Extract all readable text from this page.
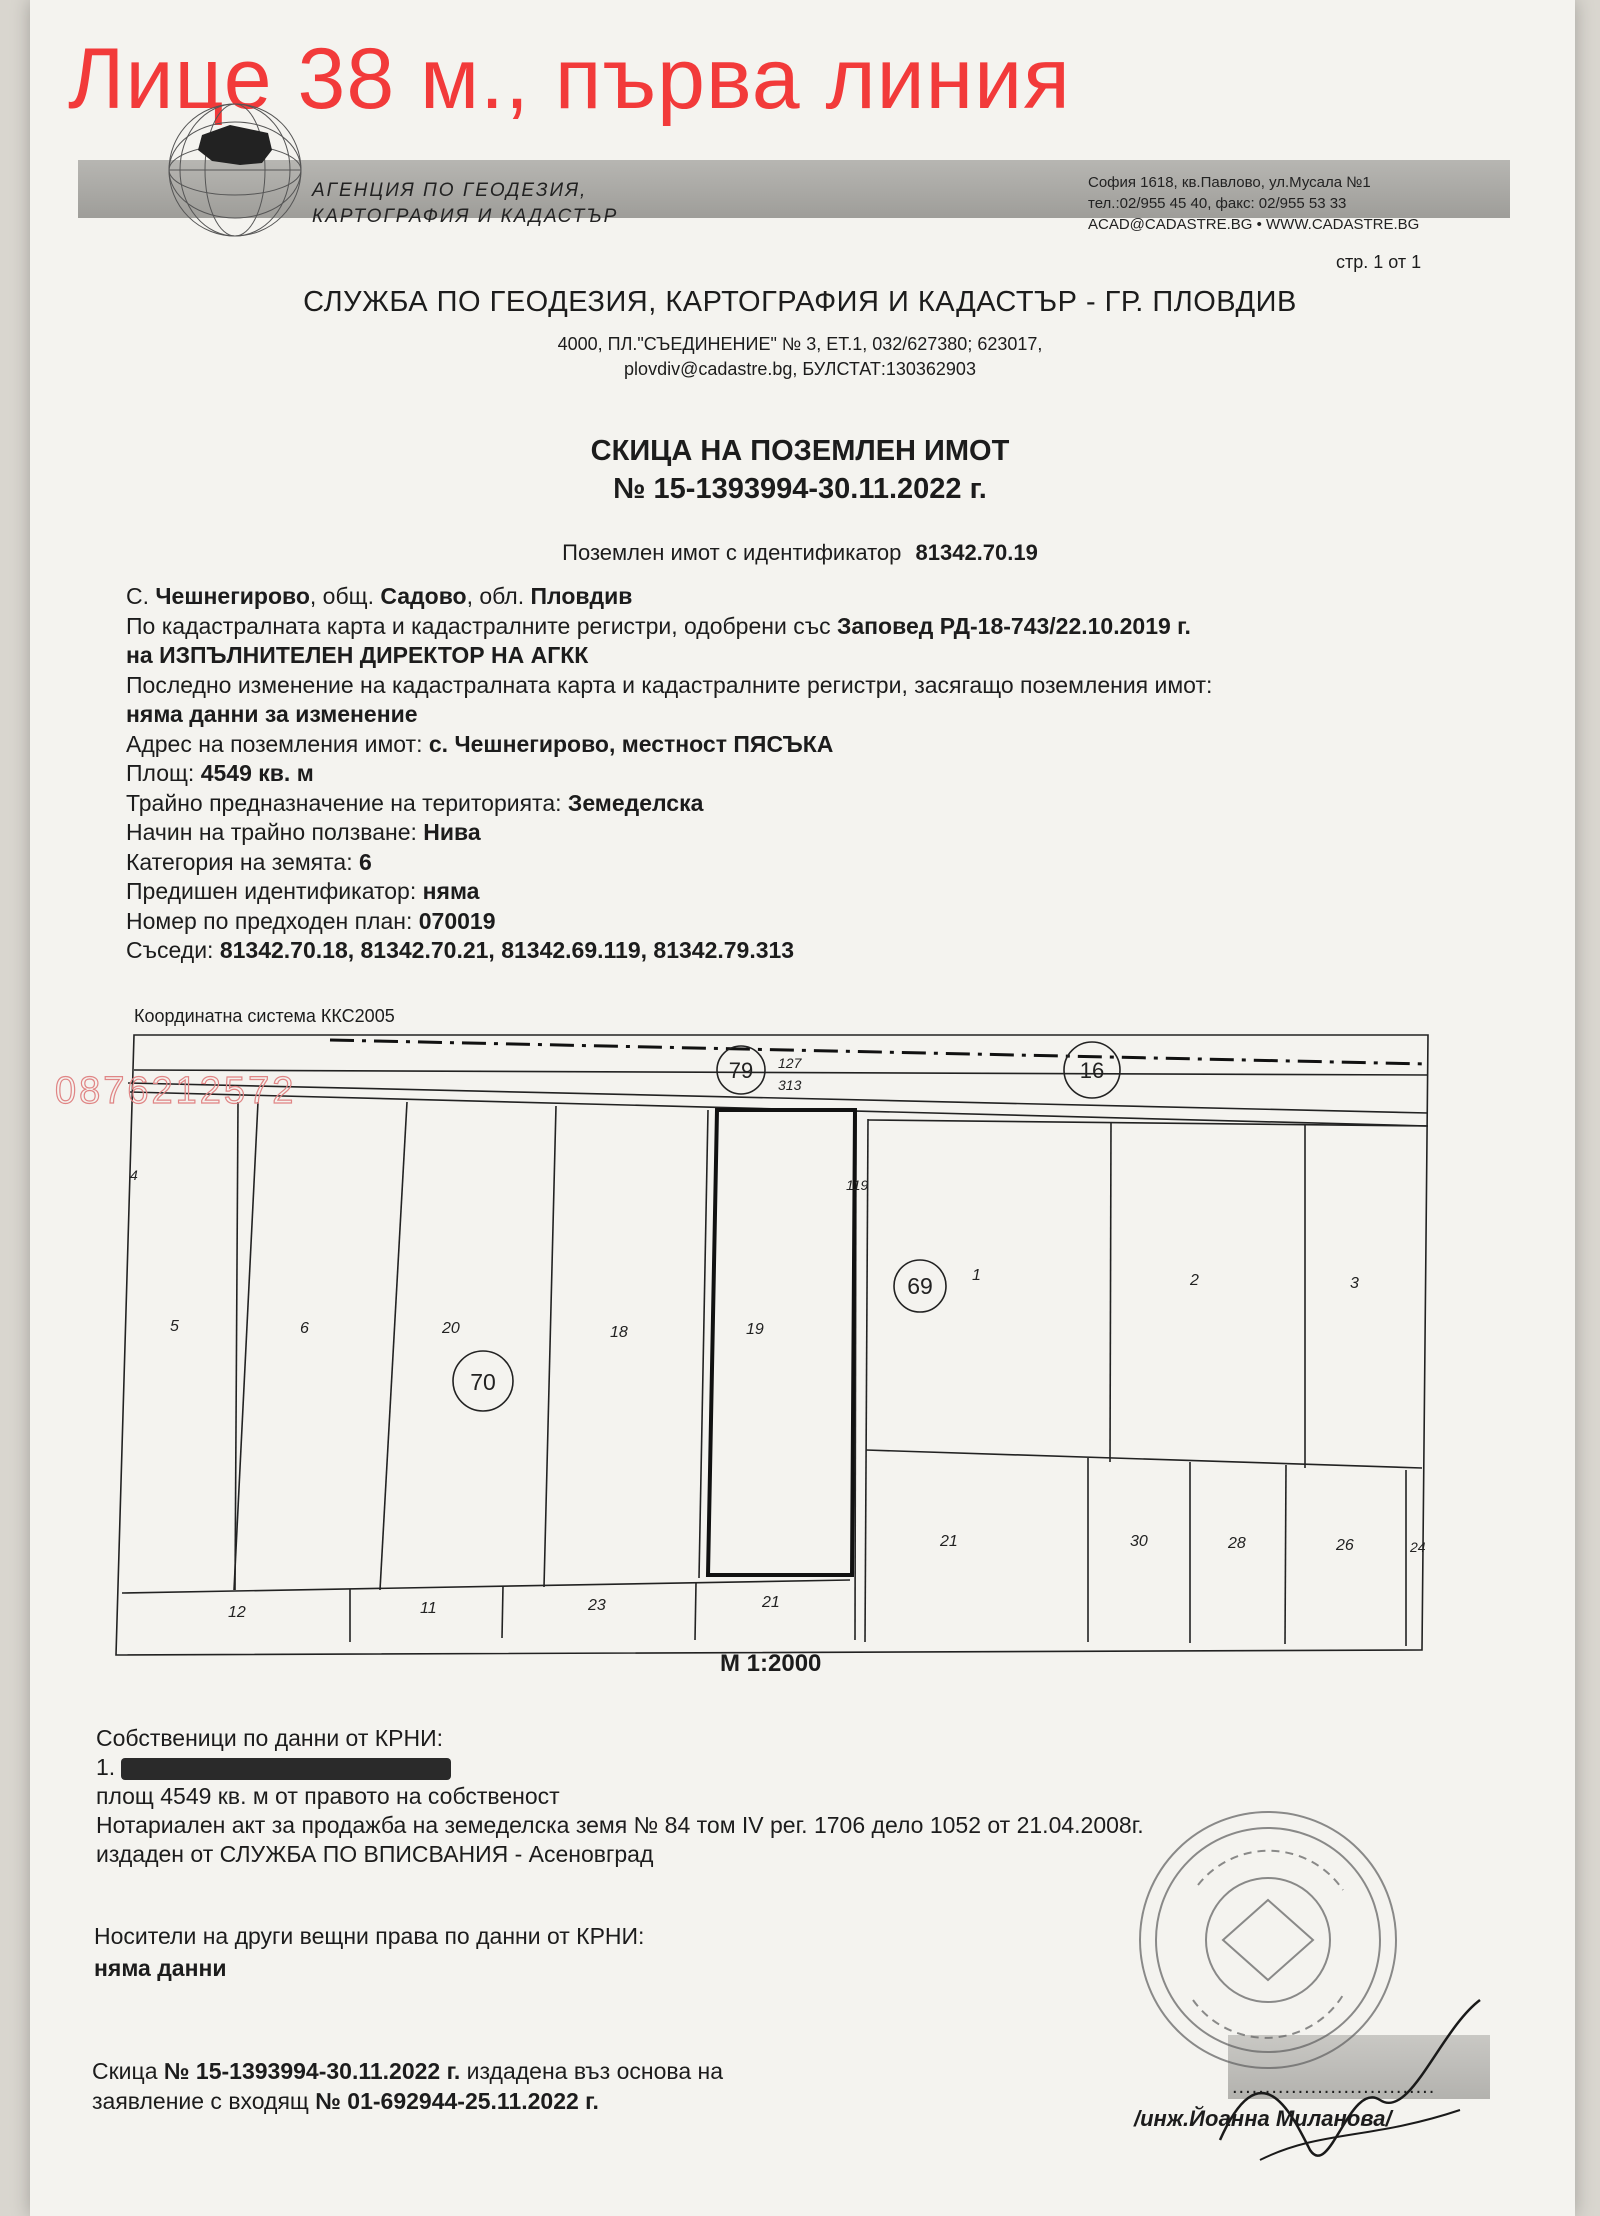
Лице 38 м., първа линия
АГЕНЦИЯ ПО ГЕОДЕЗИЯ,
КАРТОГРАФИЯ И КАДАСТЪР
София 1618, кв.Павлово, ул.Мусала №1
тел.:02/955 45 40, факс: 02/955 53 33
ACAD@CADASTRE.BG • WWW.CADASTRE.BG
стр. 1 от 1
СЛУЖБА ПО ГЕОДЕЗИЯ, КАРТОГРАФИЯ И КАДАСТЪР - ГР. ПЛОВДИВ
4000, ПЛ."СЪЕДИНЕНИЕ" № 3, ЕТ.1, 032/627380; 623017,
plovdiv@cadastre.bg, БУЛСТАТ:130362903
СКИЦА НА ПОЗЕМЛЕН ИМОТ
№ 15-1393994-30.11.2022 г.
Поземлен имот с идентификатор 81342.70.19
С. Чешнегирово, общ. Садово, обл. Пловдив
По кадастралната карта и кадастралните регистри, одобрени със Заповед РД-18-743/22.10.2019 г.
на ИЗПЪЛНИТЕЛЕН ДИРЕКТОР НА АГКК
Последно изменение на кадастралната карта и кадастралните регистри, засягащо поземления имот:
няма данни за изменение
Адрес на поземления имот: с. Чешнегирово, местност ПЯСЪКА
Площ: 4549 кв. м
Трайно предназначение на територията: Земеделска
Начин на трайно ползване: Нива
Категория на земята: 6
Предишен идентификатор: няма
Номер по предходен план: 070019
Съседи: 81342.70.18, 81342.70.21, 81342.69.119, 81342.79.313
Координатна система ККС2005
79	16
70
69
127
313
119
4
5	6	20	18	19
12	11	23	21
1	2	3
21	30	28	26	24
0876212572
М 1:2000
Собственици по данни от КРНИ:
1.
площ 4549 кв. м от правото на собственост
Нотариален акт за продажба на земеделска земя № 84 том IV рег. 1706 дело 1052 от 21.04.2008г.
издаден от СЛУЖБА ПО ВПИСВАНИЯ - Асеновград
Носители на други вещни права по данни от КРНИ:
няма данни
Скица № 15-1393994-30.11.2022 г. издадена въз основа на
заявление с входящ № 01-692944-25.11.2022 г.
...............................
/инж.Йоанна Миланова/
